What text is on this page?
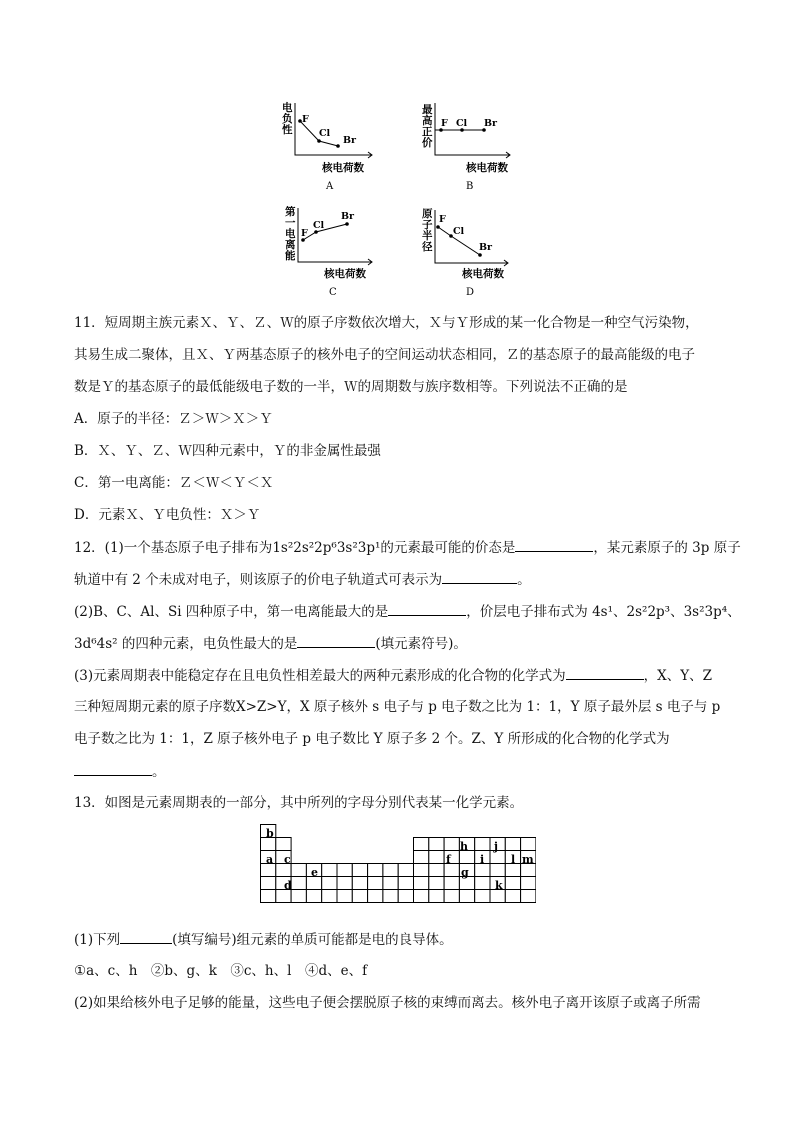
电
负
性
F
Cl
Br
核电荷数
A
最
高
正
价
F Cl Br
核电荷数
B
第
一
电
离
能
F
Cl
Br
核电荷数
C
原
子
半
径
F
Cl
Br
核电荷数
D
11．短周期主族元素Ｘ、Ｙ、Ｚ、Ｗ的原子序数依次增大，Ｘ与Ｙ形成的某一化合物是一种空气污染物，
其易生成二聚体，且Ｘ、Ｙ两基态原子的核外电子的空间运动状态相同，Ｚ的基态原子的最高能级的电子
数是Ｙ的基态原子的最低能级电子数的一半，Ｗ的周期数与族序数相等。下列说法不正确的是
A．原子的半径：Ｚ＞Ｗ＞Ｘ＞Ｙ
B．Ｘ、Ｙ、Ｚ、Ｗ四种元素中，Ｙ的非金属性最强
C．第一电离能：Ｚ＜Ｗ＜Ｙ＜Ｘ
D．元素Ｘ、Ｙ电负性：Ｘ＞Ｙ
12．(1)一个基态原子电子排布为1s²2s²2p⁶3s²3p¹的元素最可能的价态是	，某元素原子的 3p 原子
轨道中有 2 个未成对电子，则该原子的价电子轨道式可表示为	。
(2)B、C、Al、Si 四种原子中，第一电离能最大的是	，价层电子排布式为 4s¹、2s²2p³、3s²3p⁴、
3d⁶4s² 的四种元素，电负性最大的是	(填元素符号)。
(3)元素周期表中能稳定存在且电负性相差最大的两种元素形成的化合物的化学式为	，X、Y、Z
三种短周期元素的原子序数X>Z>Y，X 原子核外 s 电子与 p 电子数之比为 1：1，Y 原子最外层 s 电子与 p
电子数之比为 1：1，Z 原子核外电子 p 电子数比 Y 原子多 2 个。Z、Y 所形成的化合物的化学式为
。
13．如图是元素周期表的一部分，其中所列的字母分别代表某一化学元素。
b
h j
a c	f	i l m
e	g
d	k
(1)下列	(填写编号)组元素的单质可能都是电的良导体。
①a、c、h　②b、g、k　③c、h、l　④d、e、f
(2)如果给核外电子足够的能量，这些电子便会摆脱原子核的束缚而离去。核外电子离开该原子或离子所需
